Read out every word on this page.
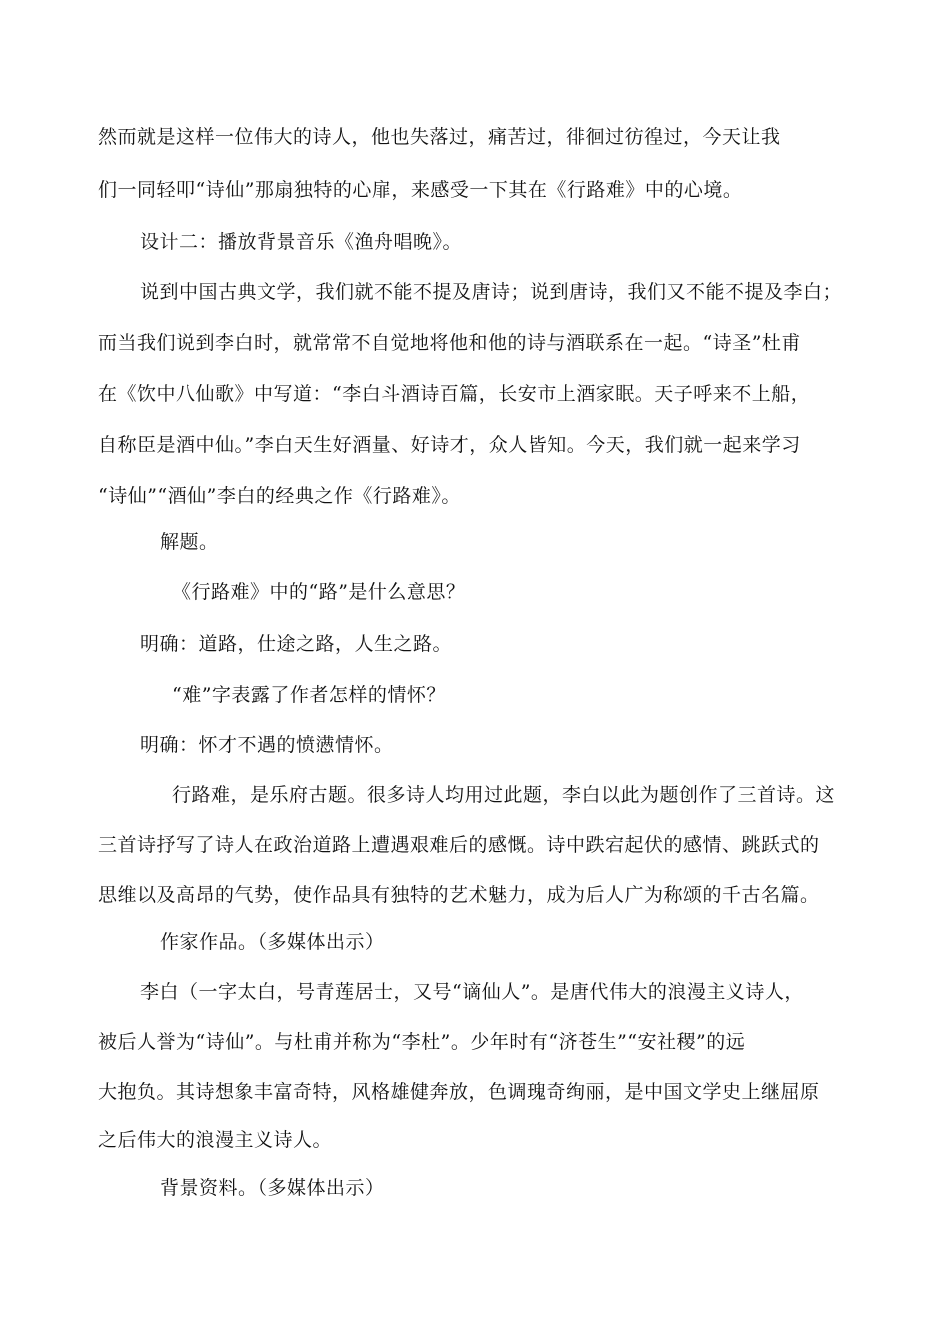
然而就是这样一位伟大的诗人，他也失落过，痛苦过，徘徊过彷徨过，今天让我
们一同轻叩“诗仙”那扇独特的心扉，来感受一下其在《行路难》中的心境。
设计二：播放背景音乐《渔舟唱晚》。
说到中国古典文学，我们就不能不提及唐诗；说到唐诗，我们又不能不提及李白；
而当我们说到李白时，就常常不自觉地将他和他的诗与酒联系在一起。“诗圣”杜甫
在《饮中八仙歌》中写道：“李白斗酒诗百篇，长安市上酒家眠。天子呼来不上船，
自称臣是酒中仙。”李白天生好酒量、好诗才，众人皆知。今天，我们就一起来学习
“诗仙”“酒仙”李白的经典之作《行路难》。
解题。
《行路难》中的“路”是什么意思？
明确：道路，仕途之路，人生之路。
“难”字表露了作者怎样的情怀？
明确：怀才不遇的愤懑情怀。
行路难，是乐府古题。很多诗人均用过此题，李白以此为题创作了三首诗。这
三首诗抒写了诗人在政治道路上遭遇艰难后的感慨。诗中跌宕起伏的感情、跳跃式的
思维以及高昂的气势，使作品具有独特的艺术魅力，成为后人广为称颂的千古名篇。
作家作品。（多媒体出示）
李白（一字太白，号青莲居士，又号“谪仙人”。是唐代伟大的浪漫主义诗人，
被后人誉为“诗仙”。与杜甫并称为“李杜”。少年时有“济苍生”“安社稷”的远
大抱负。其诗想象丰富奇特，风格雄健奔放，色调瑰奇绚丽，是中国文学史上继屈原
之后伟大的浪漫主义诗人。
背景资料。（多媒体出示）
